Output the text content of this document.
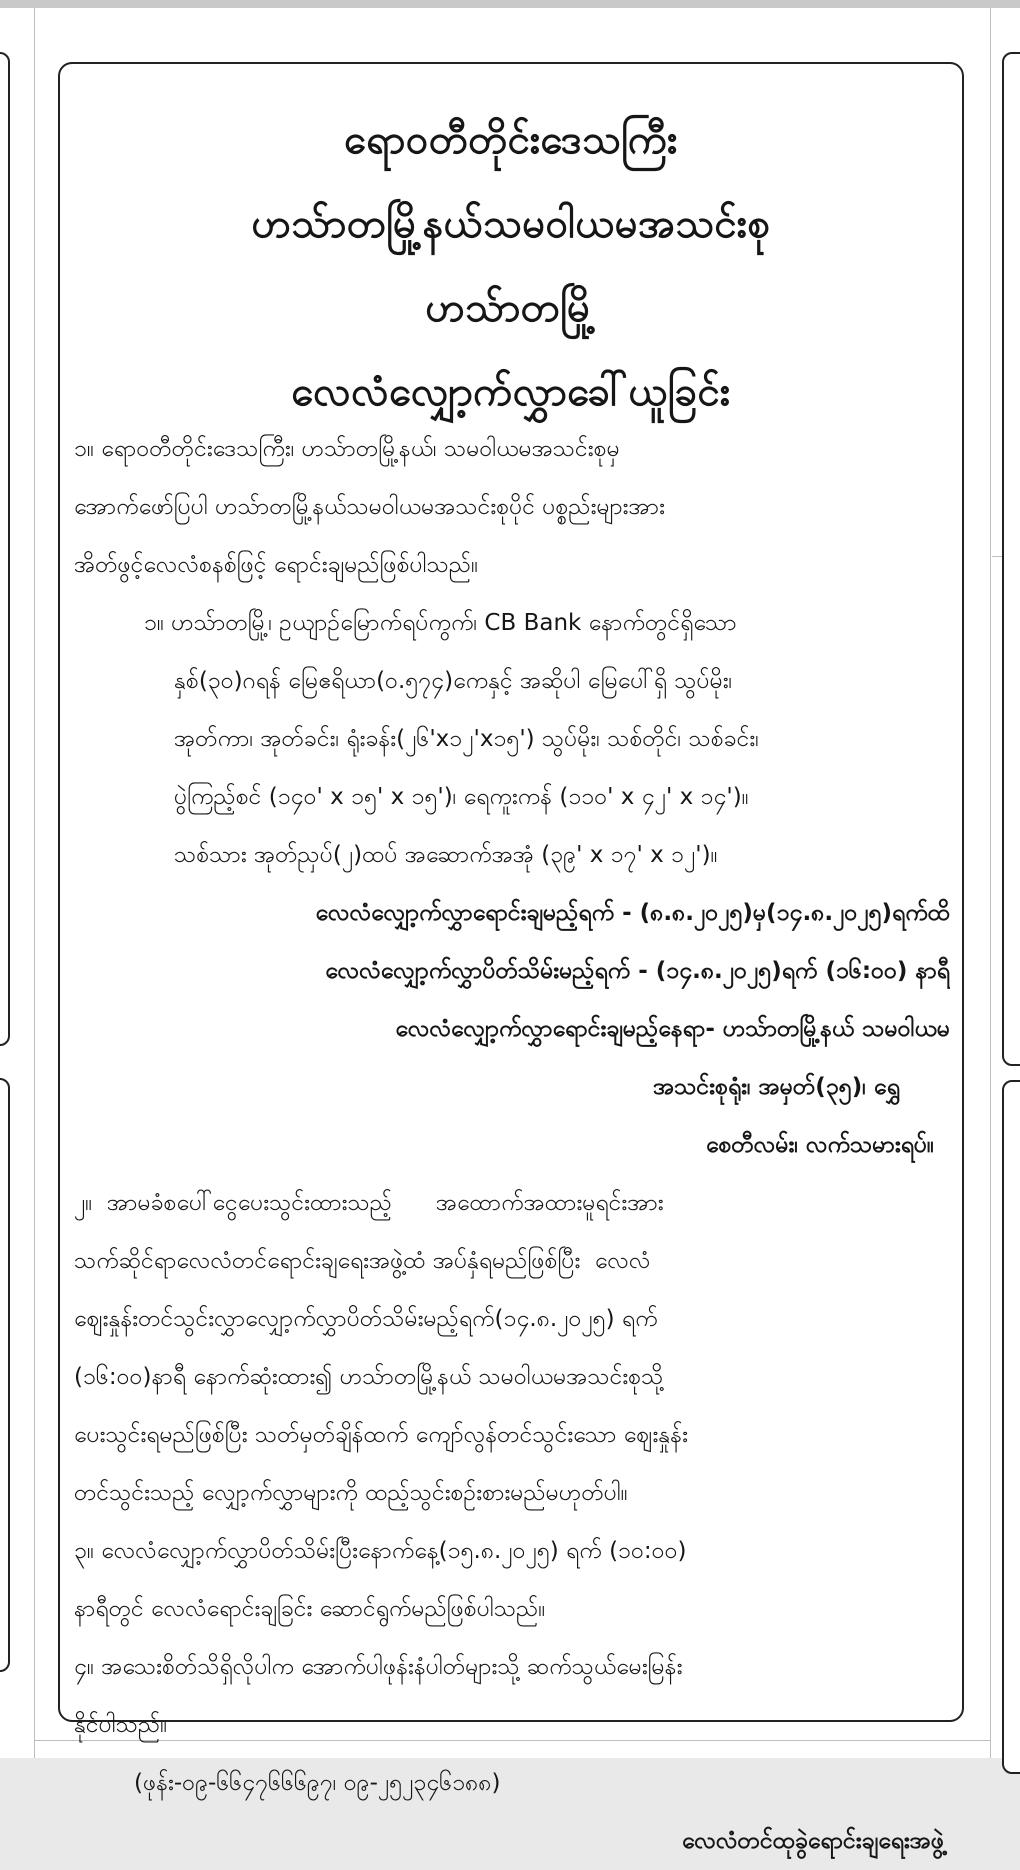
ရောဝတီတိုင်းဒေသကြီး
ဟသ်ာတမြို့နယ်သမဝါယမအသင်းစု
ဟသ်ာတမြို့
လေလံလျှော့က်လွှာခေါ်ယူခြင်း
၁။ ရောဝတီတိုင်းဒေသကြီး၊ ဟသ်ာတမြို့နယ်၊ သမဝါယမအသင်းစုမှ
အောက်ဖော်ပြပါ ဟသ်ာတမြို့နယ်သမဝါယမအသင်းစုပိုင် ပစ္စည်းများအား
အိတ်ဖွင့်လေလံစနစ်ဖြင့် ရောင်းချမည်ဖြစ်ပါသည်။
၁။ ဟသ်ာတမြို့၊ ဥယျာဉ်မြောက်ရပ်ကွက်၊ CB Bank နောက်တွင်ရှိသော
နှစ်(၃၀)ဂရန် မြေဧရိယာ(၀.၅၇၄)ကေနှင့် အဆိုပါ မြေပေါ်ရှိ သွပ်မိုး၊
အုတ်ကာ၊ အုတ်ခင်း၊ ရုံးခန်း(၂၆'x၁၂'x၁၅') သွပ်မိုး၊ သစ်တိုင်၊ သစ်ခင်း၊
ပွဲကြည့်စင် (၁၄၀' x ၁၅' x ၁၅')၊ ရေကူးကန် (၁၁၀' x ၄၂' x ၁၄')။
သစ်သား အုတ်ညှပ်(၂)ထပ် အဆောက်အအုံ (၃၉' x ၁၇' x ၁၂')။
လေလံလျှော့က်လွှာရောင်းချမည့်ရက် - (၈.၈.၂၀၂၅)မှ(၁၄.၈.၂၀၂၅)ရက်ထိ
လေလံလျှော့က်လွှာပိတ်သိမ်းမည့်ရက် - (၁၄.၈.၂၀၂၅)ရက် (၁၆:၀၀) နာရီ
လေလံလျှော့က်လွှာရောင်းချမည့်နေရာ- ဟသ်ာတမြို့နယ် သမဝါယမ
အသင်းစုရုံး၊ အမှတ်(၃၅)၊ ရွှေ
စေတီလမ်း၊ လက်သမားရပ်။
၂။  အာမခံစပေါ်ငွေပေးသွင်းထားသည့်      အထောက်အထားမူရင်းအား
သက်ဆိုင်ရာလေလံတင်ရောင်းချရေးအဖွဲ့ထံ အပ်နှံရမည်ဖြစ်ပြီး  လေလံ
ဈေးနှုန်းတင်သွင်းလွှာလျှော့က်လွှာပိတ်သိမ်းမည့်ရက်(၁၄.၈.၂၀၂၅) ရက်
(၁၆:၀၀)နာရီ နောက်ဆုံးထား၍ ဟသ်ာတမြို့နယ် သမဝါယမအသင်းစုသို့
ပေးသွင်းရမည်ဖြစ်ပြီး သတ်မှတ်ချိန်ထက် ကျော်လွန်တင်သွင်းသော ဈေးနှုန်း
တင်သွင်းသည့် လျှော့က်လွှာများကို ထည့်သွင်းစဉ်းစားမည်မဟုတ်ပါ။
၃။ လေလံလျှော့က်လွှာပိတ်သိမ်းပြီးနောက်နေ့(၁၅.၈.၂၀၂၅) ရက် (၁၀:၀၀)
နာရီတွင် လေလံရောင်းချခြင်း ဆောင်ရွက်မည်ဖြစ်ပါသည်။
၄။ အသေးစိတ်သိရှိလိုပါက အောက်ပါဖုန်းနံပါတ်များသို့ ဆက်သွယ်မေးမြန်း
နိုင်ပါသည်။
(ဖုန်း-၀၉-၆၆၄၇၆၆၆၉၇၊ ၀၉-၂၅၂၃၄၆၁၈၈)
လေလံတင်ထုခွဲရောင်းချရေးအဖွဲ့
